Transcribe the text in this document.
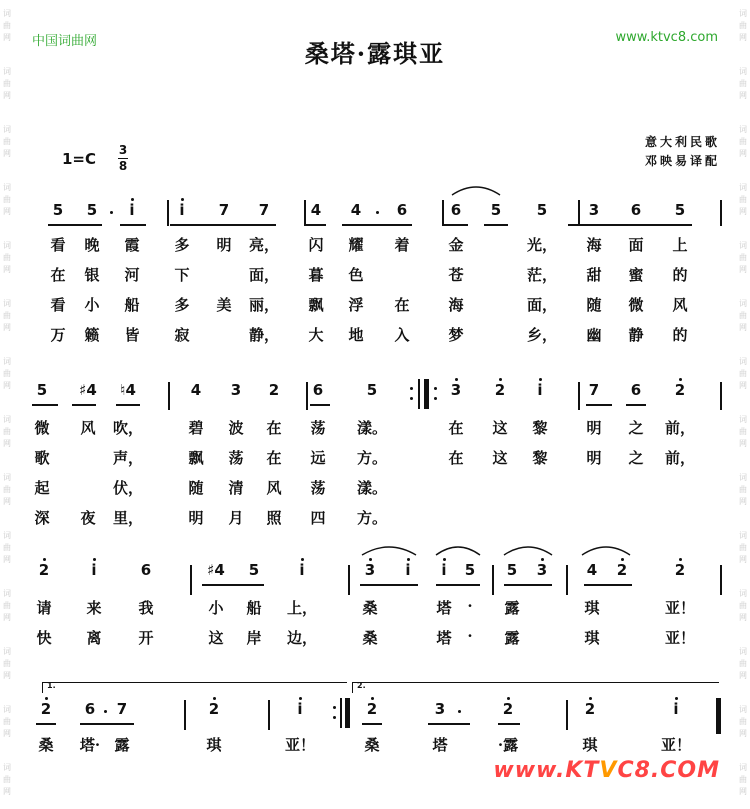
词曲网
词曲网
词曲网
词曲网
词曲网
词曲网
词曲网
词曲网
词曲网
词曲网
词曲网
词曲网
词曲网
词曲网
词曲网
词曲网
词曲网
词曲网
词曲网
词曲网
词曲网
词曲网
词曲网
词曲网
词曲网
词曲网
词曲网
词曲网
中国词曲网	www.ktvc8.com
桑塔·露琪亚
意大利民歌
邓映易译配
1=C 3
8
5 5 i	i 7 7	4 4 6	6 5 5	3 6 5
看 晚 霞 多 明 亮， 闪 耀 着	金	光， 海 面 上
在 银 河 下	面， 暮 色	苍	茫， 甜 蜜 的
看 小 船 多 美 丽， 飘 浮 在	海	面， 随 微 风
万 籁 皆 寂	静， 大 地 入	梦	乡， 幽 静 的
5 ♯4 ♮4	4 3 2 6	5	3 2 i	7 6 2
微 风 吹，	碧 波 在 荡 漾。	在 这 黎	明 之 前，
歌	声，	飘 荡 在 远 方。	在 这 黎	明 之 前，
起	伏，	随 清 风 荡 漾。
深 夜 里，	明 月 照 四 方。
2	i	6	♯4 5	i	3 i i 5 5 3	4 2	2
请 来 我	小 船 上，	桑	塔 · 露	琪	亚！
快 离 开	这 岸 边，	桑	塔 · 露	琪	亚！
2 6 7	2	i	2	3	2	2	i
1.	2.
桑 塔· 露	琪	亚！	桑	塔	·露	琪	亚！
www.KTVC8.COM
